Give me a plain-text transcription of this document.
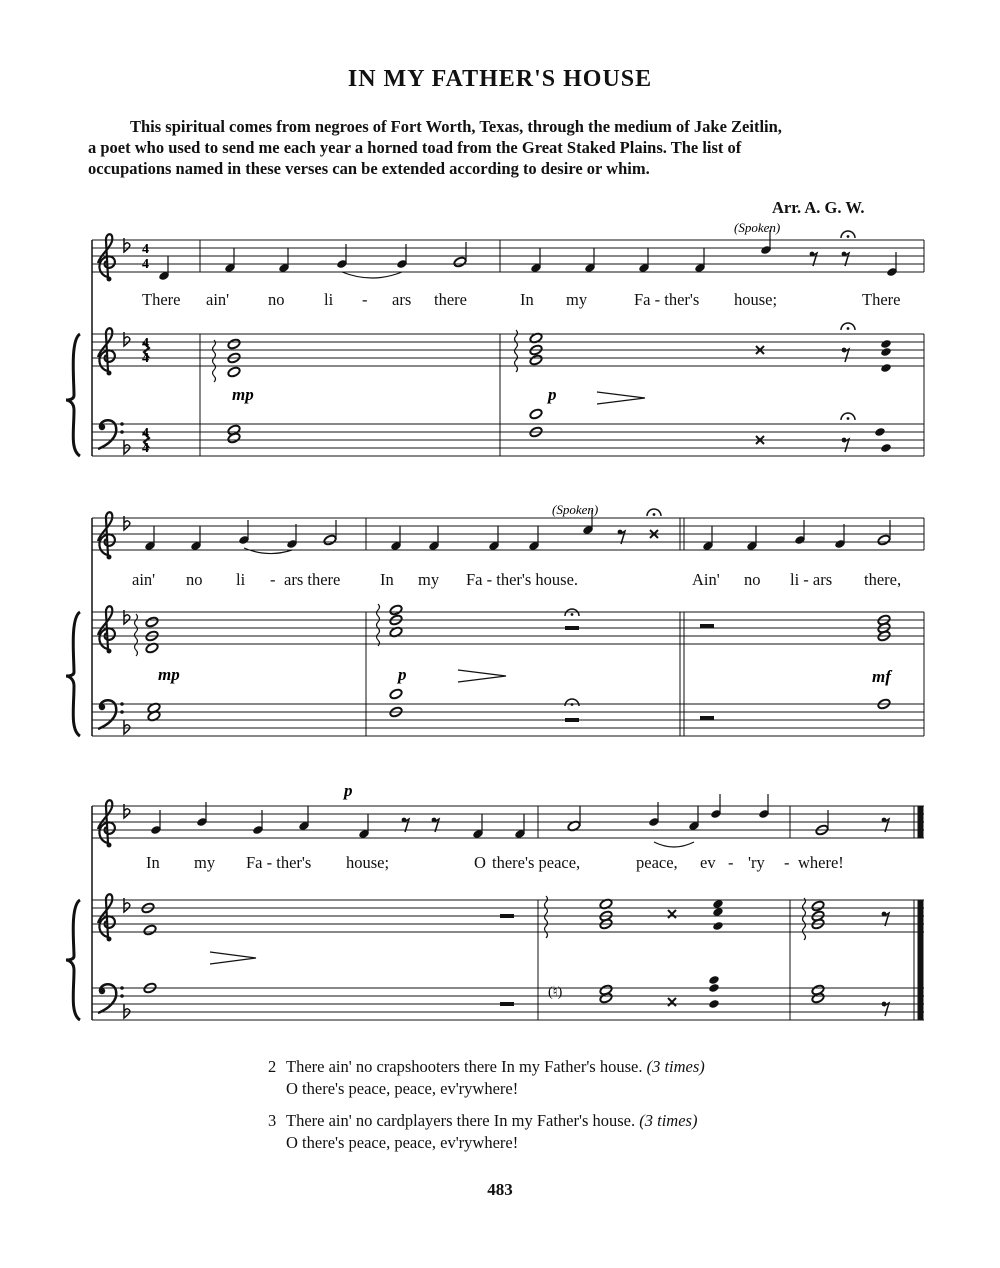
IN MY FATHER'S HOUSE

This spiritual comes from negroes of Fort Worth, Texas, through the medium of Jake Zeitlin,

a poet who used to send me each year a horned toad from the Great Staked Plains. The list of

occupations named in these verses can be extended according to desire or whim.

Arr. A. G. W.
mp	p
(Spoken)
4
4
4
4
4
4
mp	p	mf
(Spoken)
p
(♮)
There ain' no li - ars there	In my	Fa - ther's house;	There
ain' no li - ars there In my Fa - ther's house.	Ain' no li - ars there,
In my Fa - ther's house;	O there's peace,	peace, ev - 'ry - where!
2 There ain' no crapshooters there In my Father's house. (3 times)
O there's peace, peace, ev'rywhere!
3 There ain' no cardplayers there In my Father's house. (3 times)
O there's peace, peace, ev'rywhere!
483
